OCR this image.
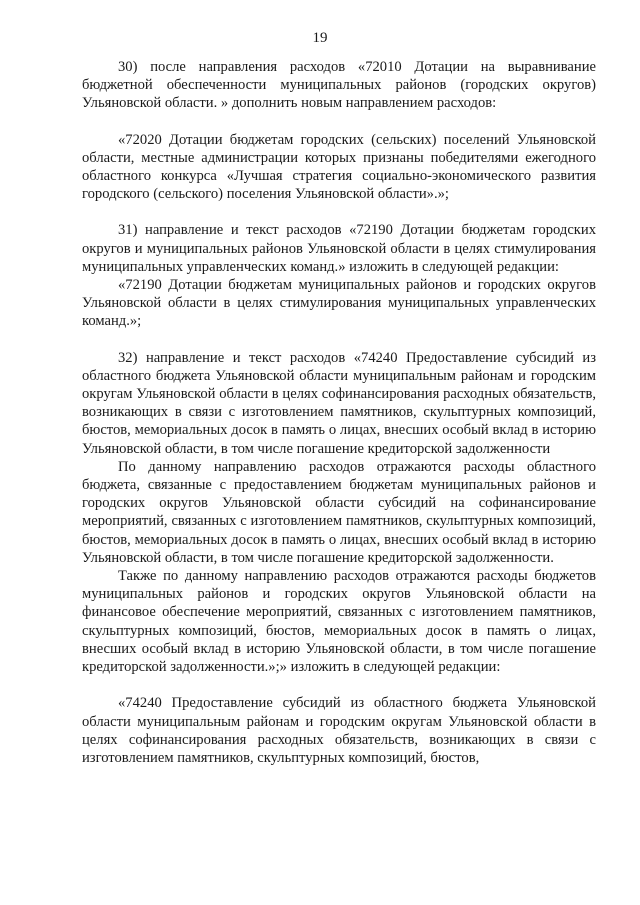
19

30) после направления расходов «72010 Дотации на выравнивание бюджетной обеспеченности муниципальных районов (городских округов) Ульяновской области. » дополнить новым направлением расходов:

«72020 Дотации бюджетам городских (сельских) поселений Ульяновской области, местные администрации которых признаны победителями ежегодного областного конкурса «Лучшая стратегия социально-экономического развития городского (сельского) поселения Ульяновской области».»;

31) направление и текст расходов «72190 Дотации бюджетам городских округов и муниципальных районов Ульяновской области в целях стимулирования муниципальных управленческих команд.» изложить в следующей редакции:

«72190 Дотации бюджетам муниципальных районов и городских округов Ульяновской области в целях стимулирования муниципальных управленческих команд.»;

32) направление и текст расходов «74240 Предоставление субсидий из областного бюджета Ульяновской области муниципальным районам и городским округам Ульяновской области в целях софинансирования расходных обязательств, возникающих в связи с изготовлением памятников, скульптурных композиций, бюстов, мемориальных досок в память о лицах, внесших особый вклад в историю Ульяновской области, в том числе погашение кредиторской задолженности

По данному направлению расходов отражаются расходы областного бюджета, связанные с предоставлением бюджетам муниципальных районов и городских округов Ульяновской области субсидий на софинансирование мероприятий, связанных с изготовлением памятников, скульптурных композиций, бюстов, мемориальных досок в память о лицах, внесших особый вклад в историю Ульяновской области, в том числе погашение кредиторской задолженности.

Также по данному направлению расходов отражаются расходы бюджетов муниципальных районов и городских округов Ульяновской области на финансовое обеспечение мероприятий, связанных с изготовлением памятников, скульптурных композиций, бюстов, мемориальных досок в память о лицах, внесших особый вклад в историю Ульяновской области, в том числе погашение кредиторской задолженности.»;» изложить в следующей редакции:

«74240 Предоставление субсидий из областного бюджета Ульяновской области муниципальным районам и городским округам Ульяновской области в целях софинансирования расходных обязательств, возникающих в связи с изготовлением памятников, скульптурных композиций, бюстов,
